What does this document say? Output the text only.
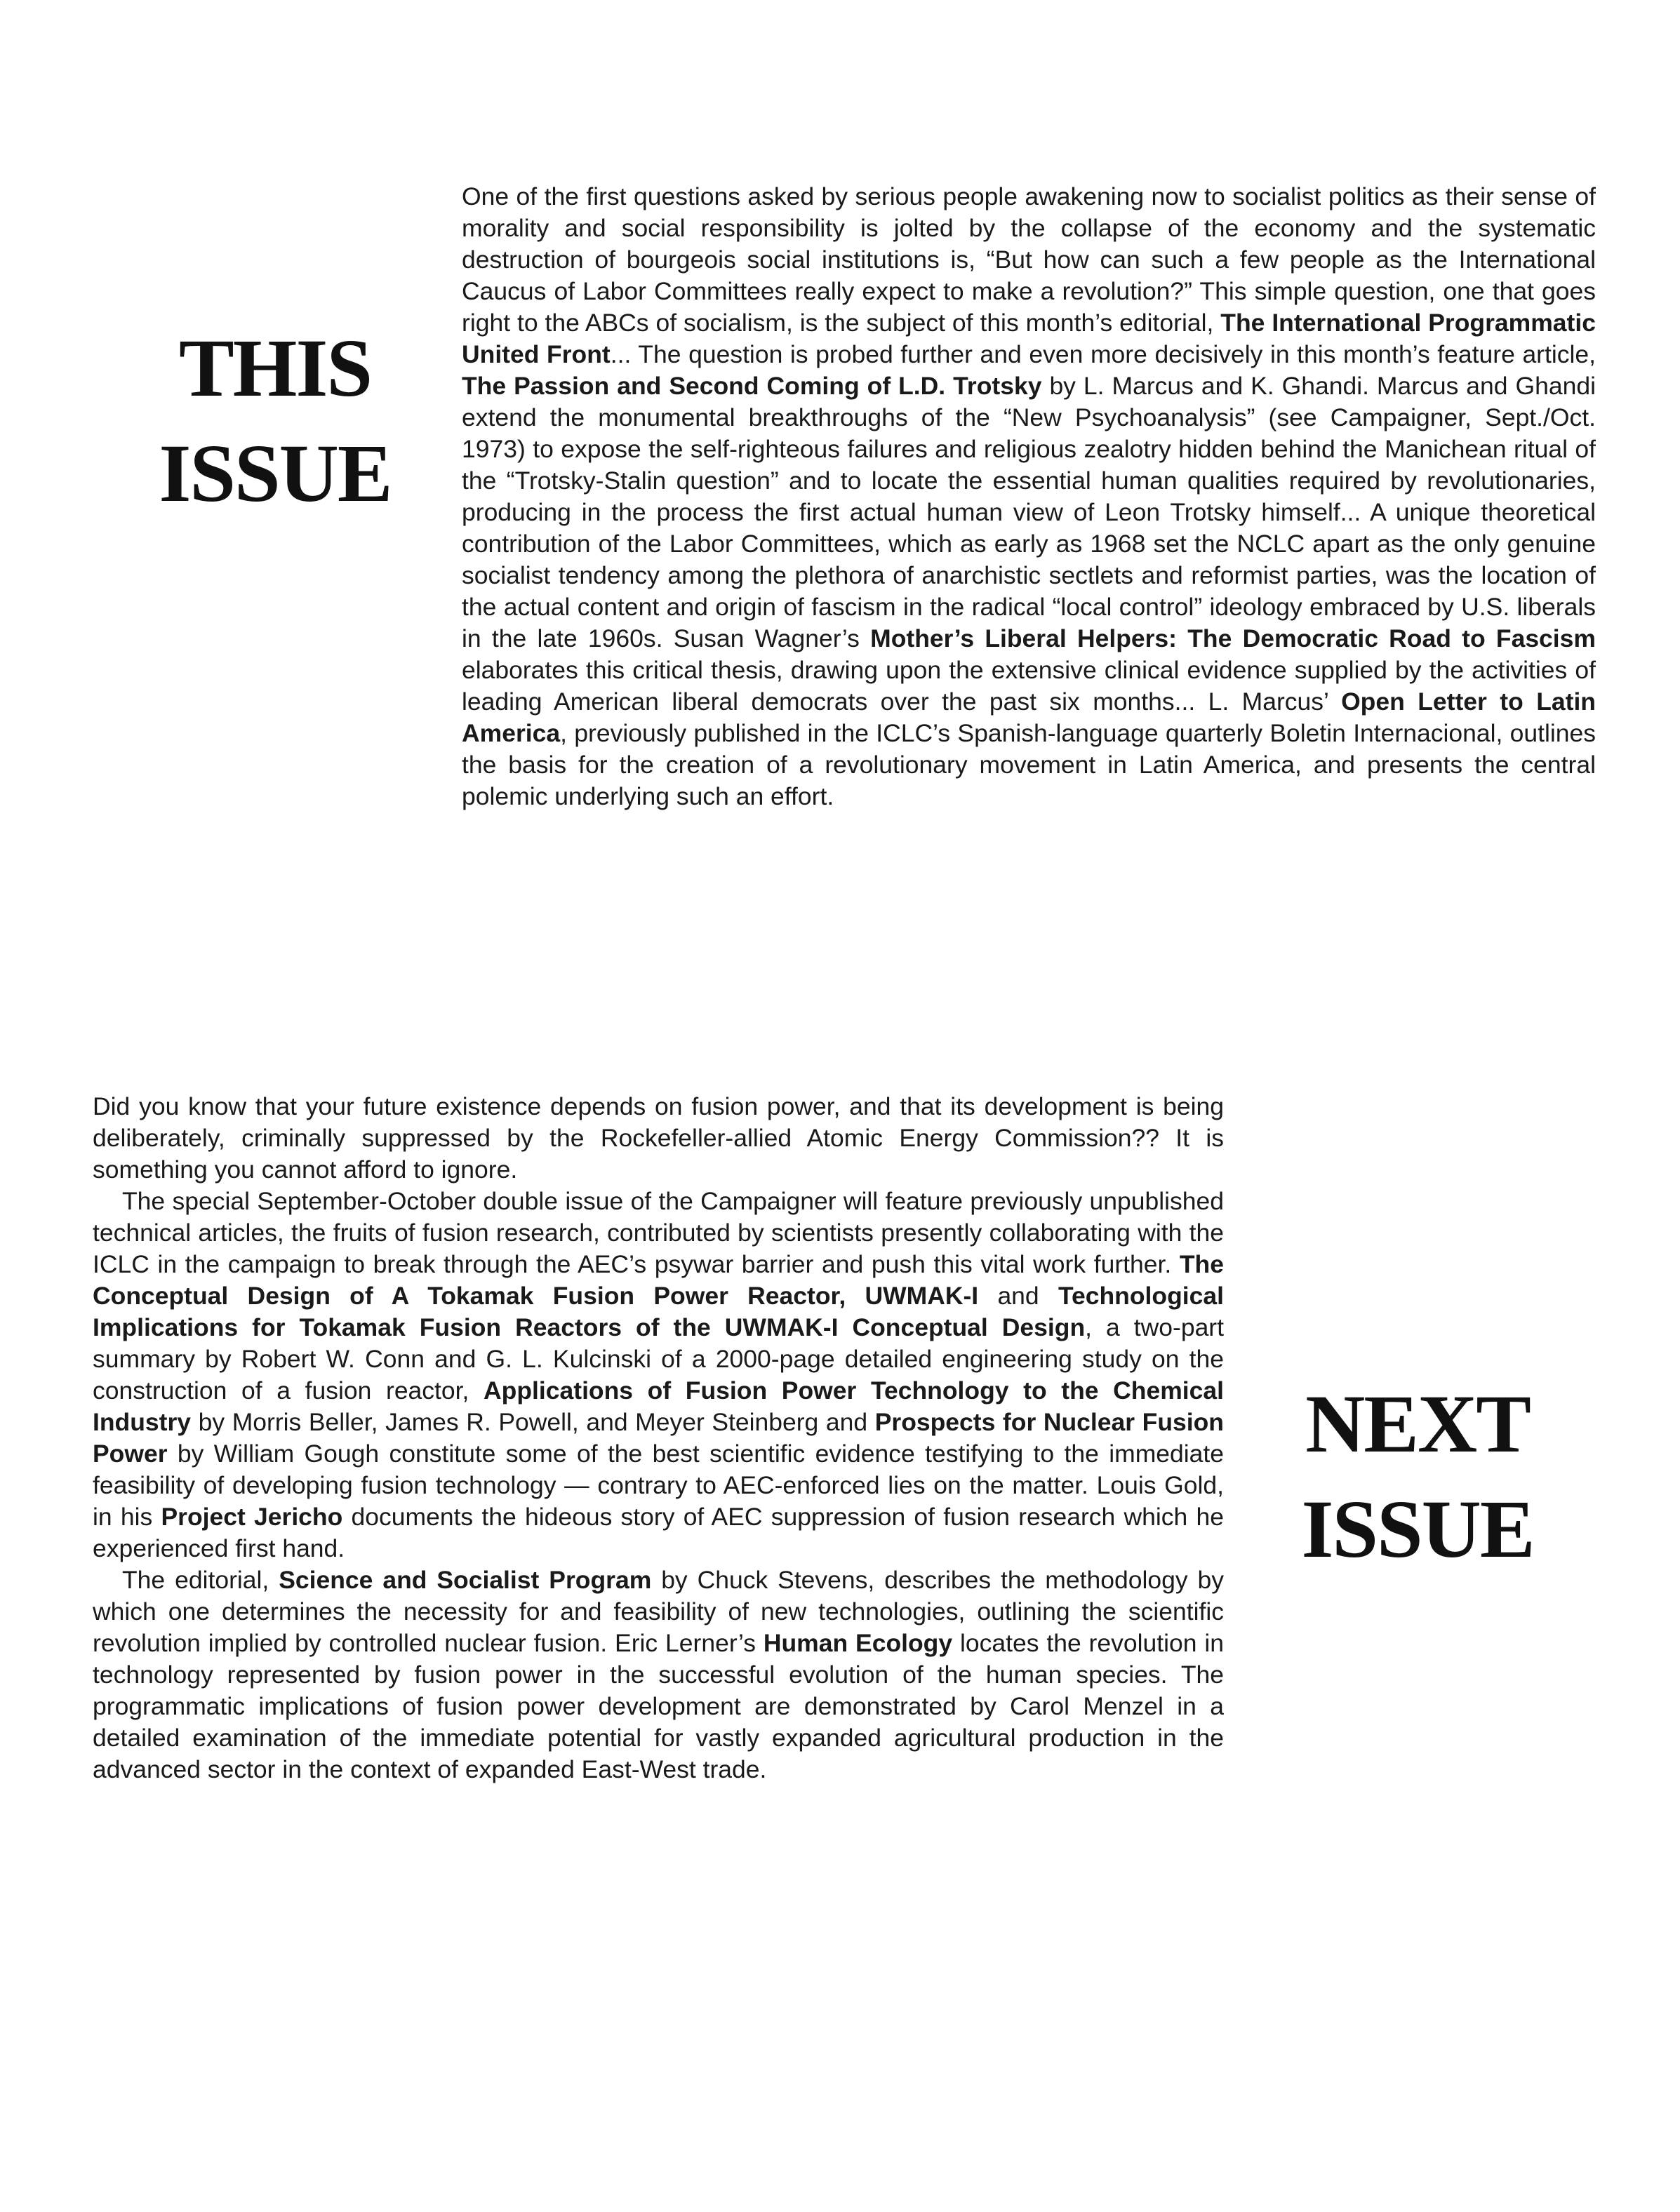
THIS
ISSUE

One of the first questions asked by serious people awakening now to socialist politics as their sense of morality and social responsibility is jolted by the collapse of the economy and the systematic destruction of bourgeois social institutions is, “But how can such a few people as the International Caucus of Labor Committees really expect to make a revolution?” This simple question, one that goes right to the ABCs of socialism, is the subject of this month’s editorial, The International Programmatic United Front... The question is probed further and even more decisively in this month’s feature article, The Passion and Second Coming of L.D. Trotsky by L. Marcus and K. Ghandi. Marcus and Ghandi extend the monumental breakthroughs of the “New Psychoanalysis” (see Campaigner, Sept./Oct. 1973) to expose the self-righteous failures and religious zealotry hidden behind the Manichean ritual of the “Trotsky-Stalin question” and to locate the essential human qualities required by revolutionaries, producing in the process the first actual human view of Leon Trotsky himself... A unique theoretical contribution of the Labor Committees, which as early as 1968 set the NCLC apart as the only genuine socialist tendency among the plethora of anarchistic sectlets and reformist parties, was the location of the actual content and origin of fascism in the radical “local control” ideology embraced by U.S. liberals in the late 1960s. Susan Wagner’s Mother’s Liberal Helpers: The Democratic Road to Fascism elaborates this critical thesis, drawing upon the extensive clinical evidence supplied by the activities of leading American liberal democrats over the past six months... L. Marcus’ Open Letter to Latin America, previously published in the ICLC’s Spanish-language quarterly Boletin Internacional, outlines the basis for the creation of a revolutionary movement in Latin America, and presents the central polemic underlying such an effort.

Did you know that your future existence depends on fusion power, and that its development is being deliberately, criminally suppressed by the Rockefeller-allied Atomic Energy Commission?? It is something you cannot afford to ignore.

The special September-October double issue of the Campaigner will feature previously unpublished technical articles, the fruits of fusion research, contributed by scientists presently collaborating with the ICLC in the campaign to break through the AEC’s psywar barrier and push this vital work further. The Conceptual Design of A Tokamak Fusion Power Reactor, UWMAK-I and Technological Implications for Tokamak Fusion Reactors of the UWMAK-I Conceptual Design, a two-part summary by Robert W. Conn and G. L. Kulcinski of a 2000-page detailed engineering study on the construction of a fusion reactor, Applications of Fusion Power Technology to the Chemical Industry by Morris Beller, James R. Powell, and Meyer Steinberg and Prospects for Nuclear Fusion Power by William Gough constitute some of the best scientific evidence testifying to the immediate feasibility of developing fusion technology — contrary to AEC-enforced lies on the matter. Louis Gold, in his Project Jericho documents the hideous story of AEC suppression of fusion research which he experienced first hand.

The editorial, Science and Socialist Program by Chuck Stevens, describes the methodology by which one determines the necessity for and feasibility of new technologies, outlining the scientific revolution implied by controlled nuclear fusion. Eric Lerner’s Human Ecology locates the revolution in technology represented by fusion power in the successful evolution of the human species. The programmatic implications of fusion power development are demonstrated by Carol Menzel in a detailed examination of the immediate potential for vastly expanded agricultural production in the advanced sector in the context of expanded East-West trade.

NEXT
ISSUE
